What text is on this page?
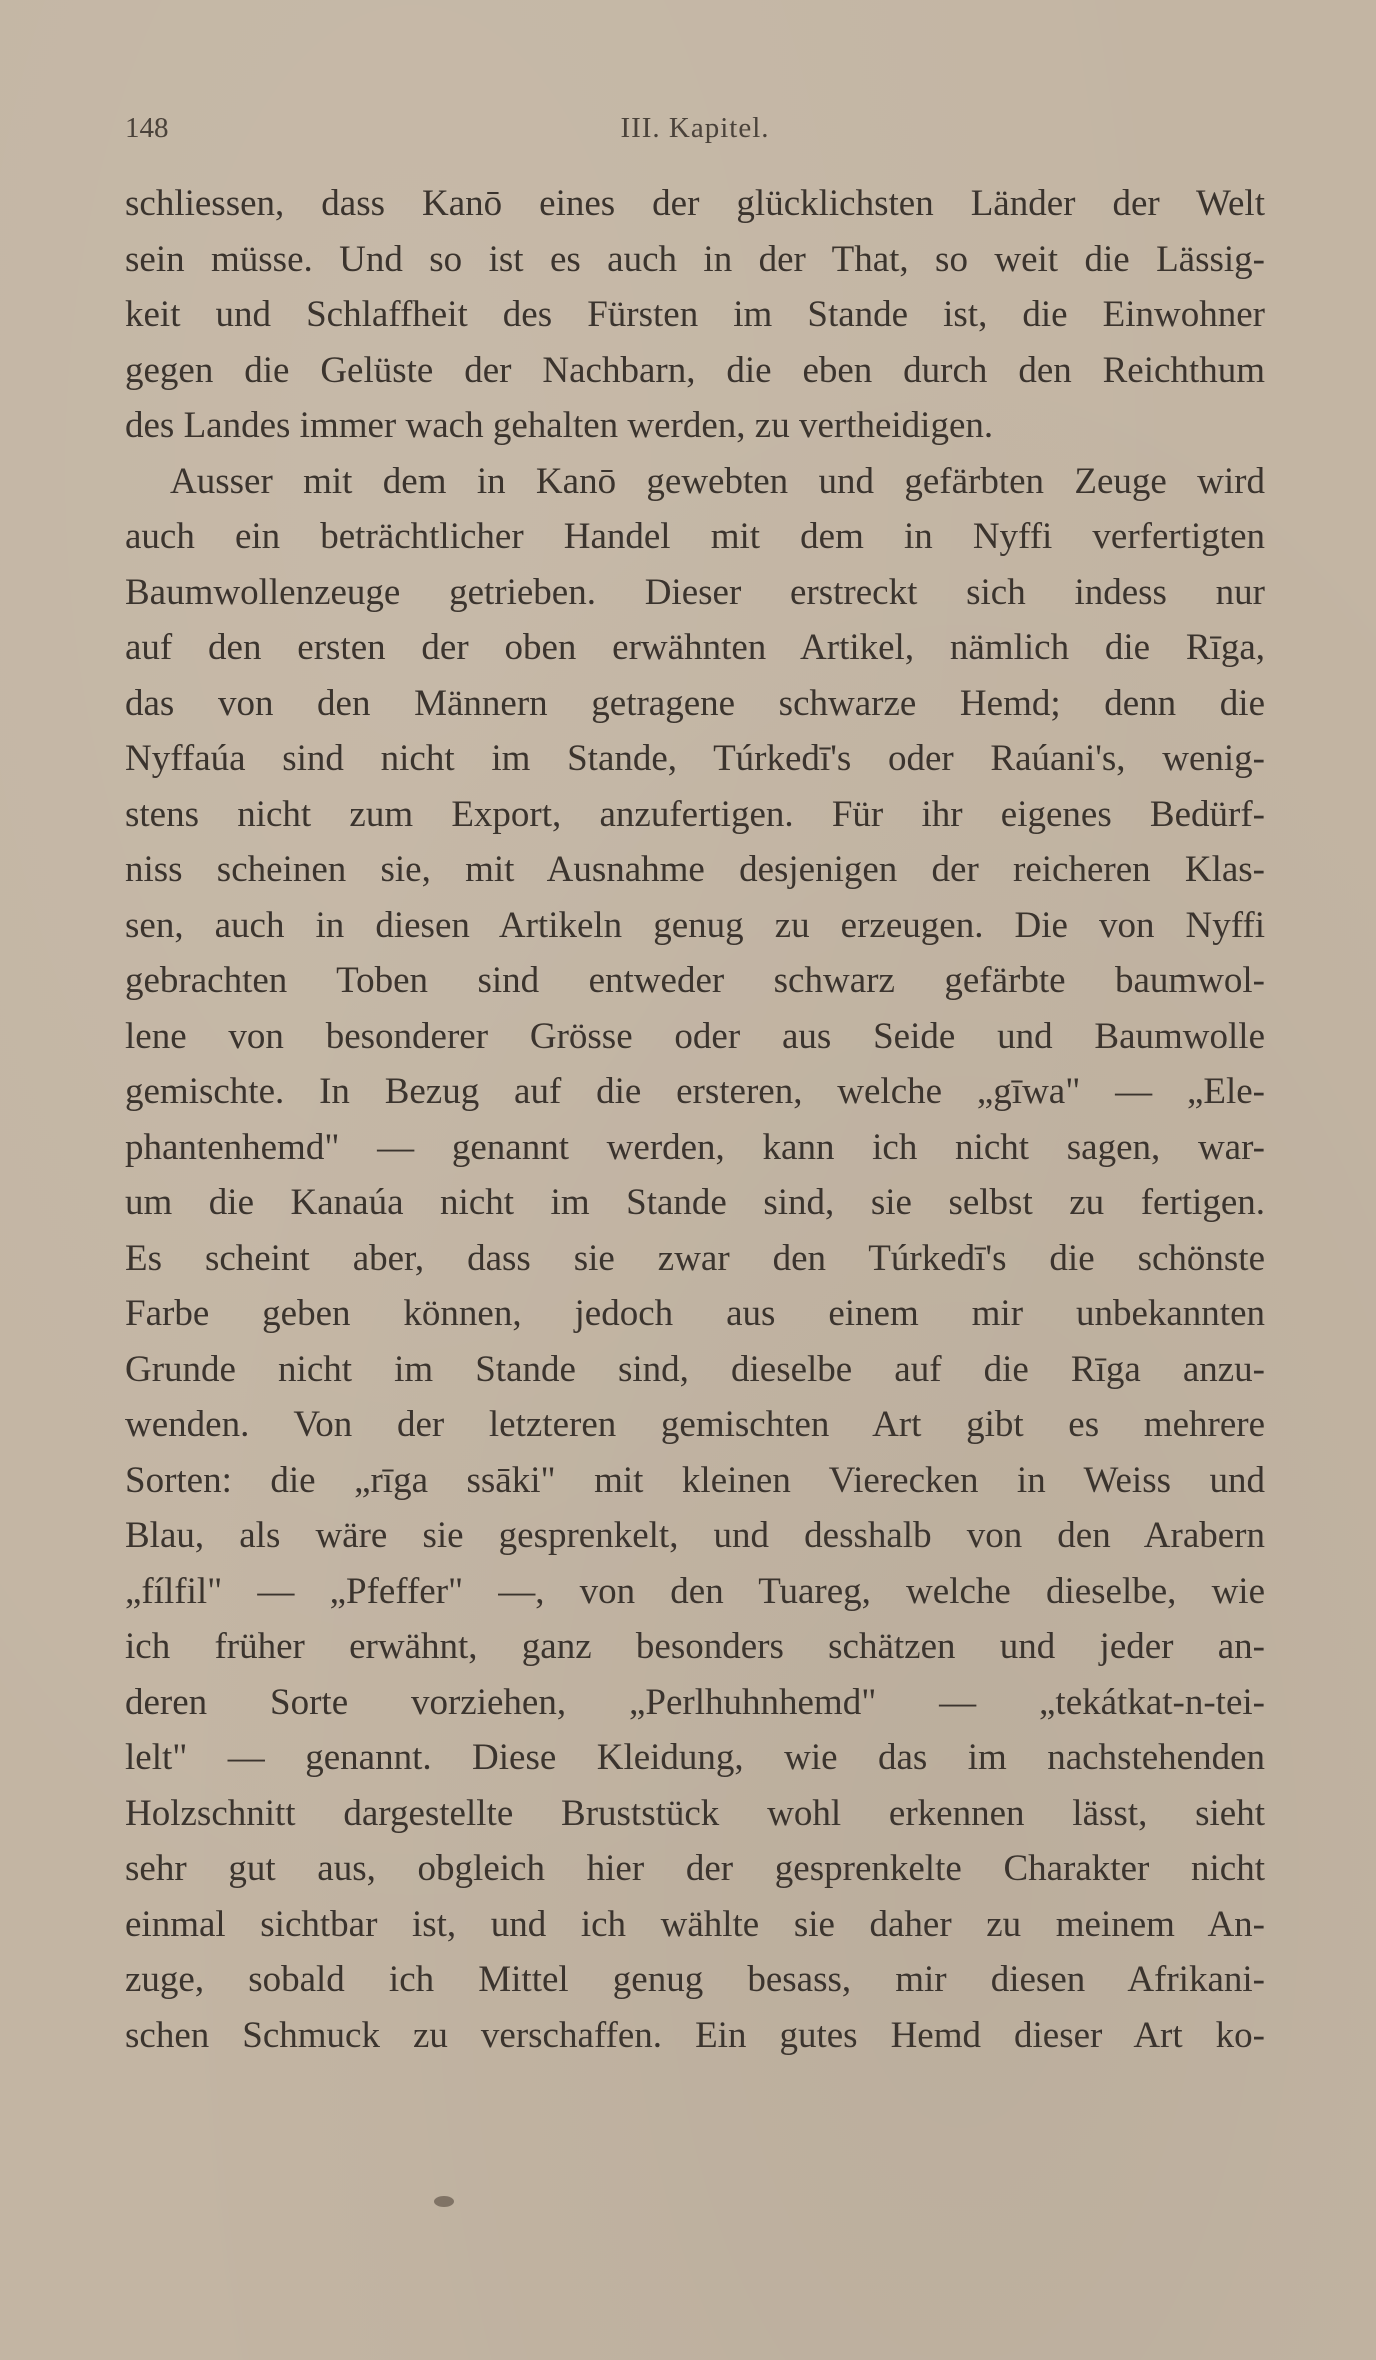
148	III. Kapitel.
schliessen, dass Kanō eines der glücklichsten Länder der Welt
sein müsse. Und so ist es auch in der That, so weit die Lässig-
keit und Schlaffheit des Fürsten im Stande ist, die Einwohner
gegen die Gelüste der Nachbarn, die eben durch den Reichthum
des Landes immer wach gehalten werden, zu vertheidigen.
Ausser mit dem in Kanō gewebten und gefärbten Zeuge wird
auch ein beträchtlicher Handel mit dem in Nyffi verfertigten
Baumwollenzeuge getrieben. Dieser erstreckt sich indess nur
auf den ersten der oben erwähnten Artikel, nämlich die Rīga,
das von den Männern getragene schwarze Hemd; denn die
Nyffaúa sind nicht im Stande, Túrkedī's oder Raúani's, wenig-
stens nicht zum Export, anzufertigen. Für ihr eigenes Bedürf-
niss scheinen sie, mit Ausnahme desjenigen der reicheren Klas-
sen, auch in diesen Artikeln genug zu erzeugen. Die von Nyffi
gebrachten Toben sind entweder schwarz gefärbte baumwol-
lene von besonderer Grösse oder aus Seide und Baumwolle
gemischte. In Bezug auf die ersteren, welche „gīwa" — „Ele-
phantenhemd" — genannt werden, kann ich nicht sagen, war-
um die Kanaúa nicht im Stande sind, sie selbst zu fertigen.
Es scheint aber, dass sie zwar den Túrkedī's die schönste
Farbe geben können, jedoch aus einem mir unbekannten
Grunde nicht im Stande sind, dieselbe auf die Rīga anzu-
wenden. Von der letzteren gemischten Art gibt es mehrere
Sorten: die „rīga ssāki" mit kleinen Vierecken in Weiss und
Blau, als wäre sie gesprenkelt, und desshalb von den Arabern
„fílfil" — „Pfeffer" —, von den Tuareg, welche dieselbe, wie
ich früher erwähnt, ganz besonders schätzen und jeder an-
deren Sorte vorziehen, „Perlhuhnhemd" — „tekátkat-n-tei-
lelt" — genannt. Diese Kleidung, wie das im nachstehenden
Holzschnitt dargestellte Bruststück wohl erkennen lässt, sieht
sehr gut aus, obgleich hier der gesprenkelte Charakter nicht
einmal sichtbar ist, und ich wählte sie daher zu meinem An-
zuge, sobald ich Mittel genug besass, mir diesen Afrikani-
schen Schmuck zu verschaffen. Ein gutes Hemd dieser Art ko-
